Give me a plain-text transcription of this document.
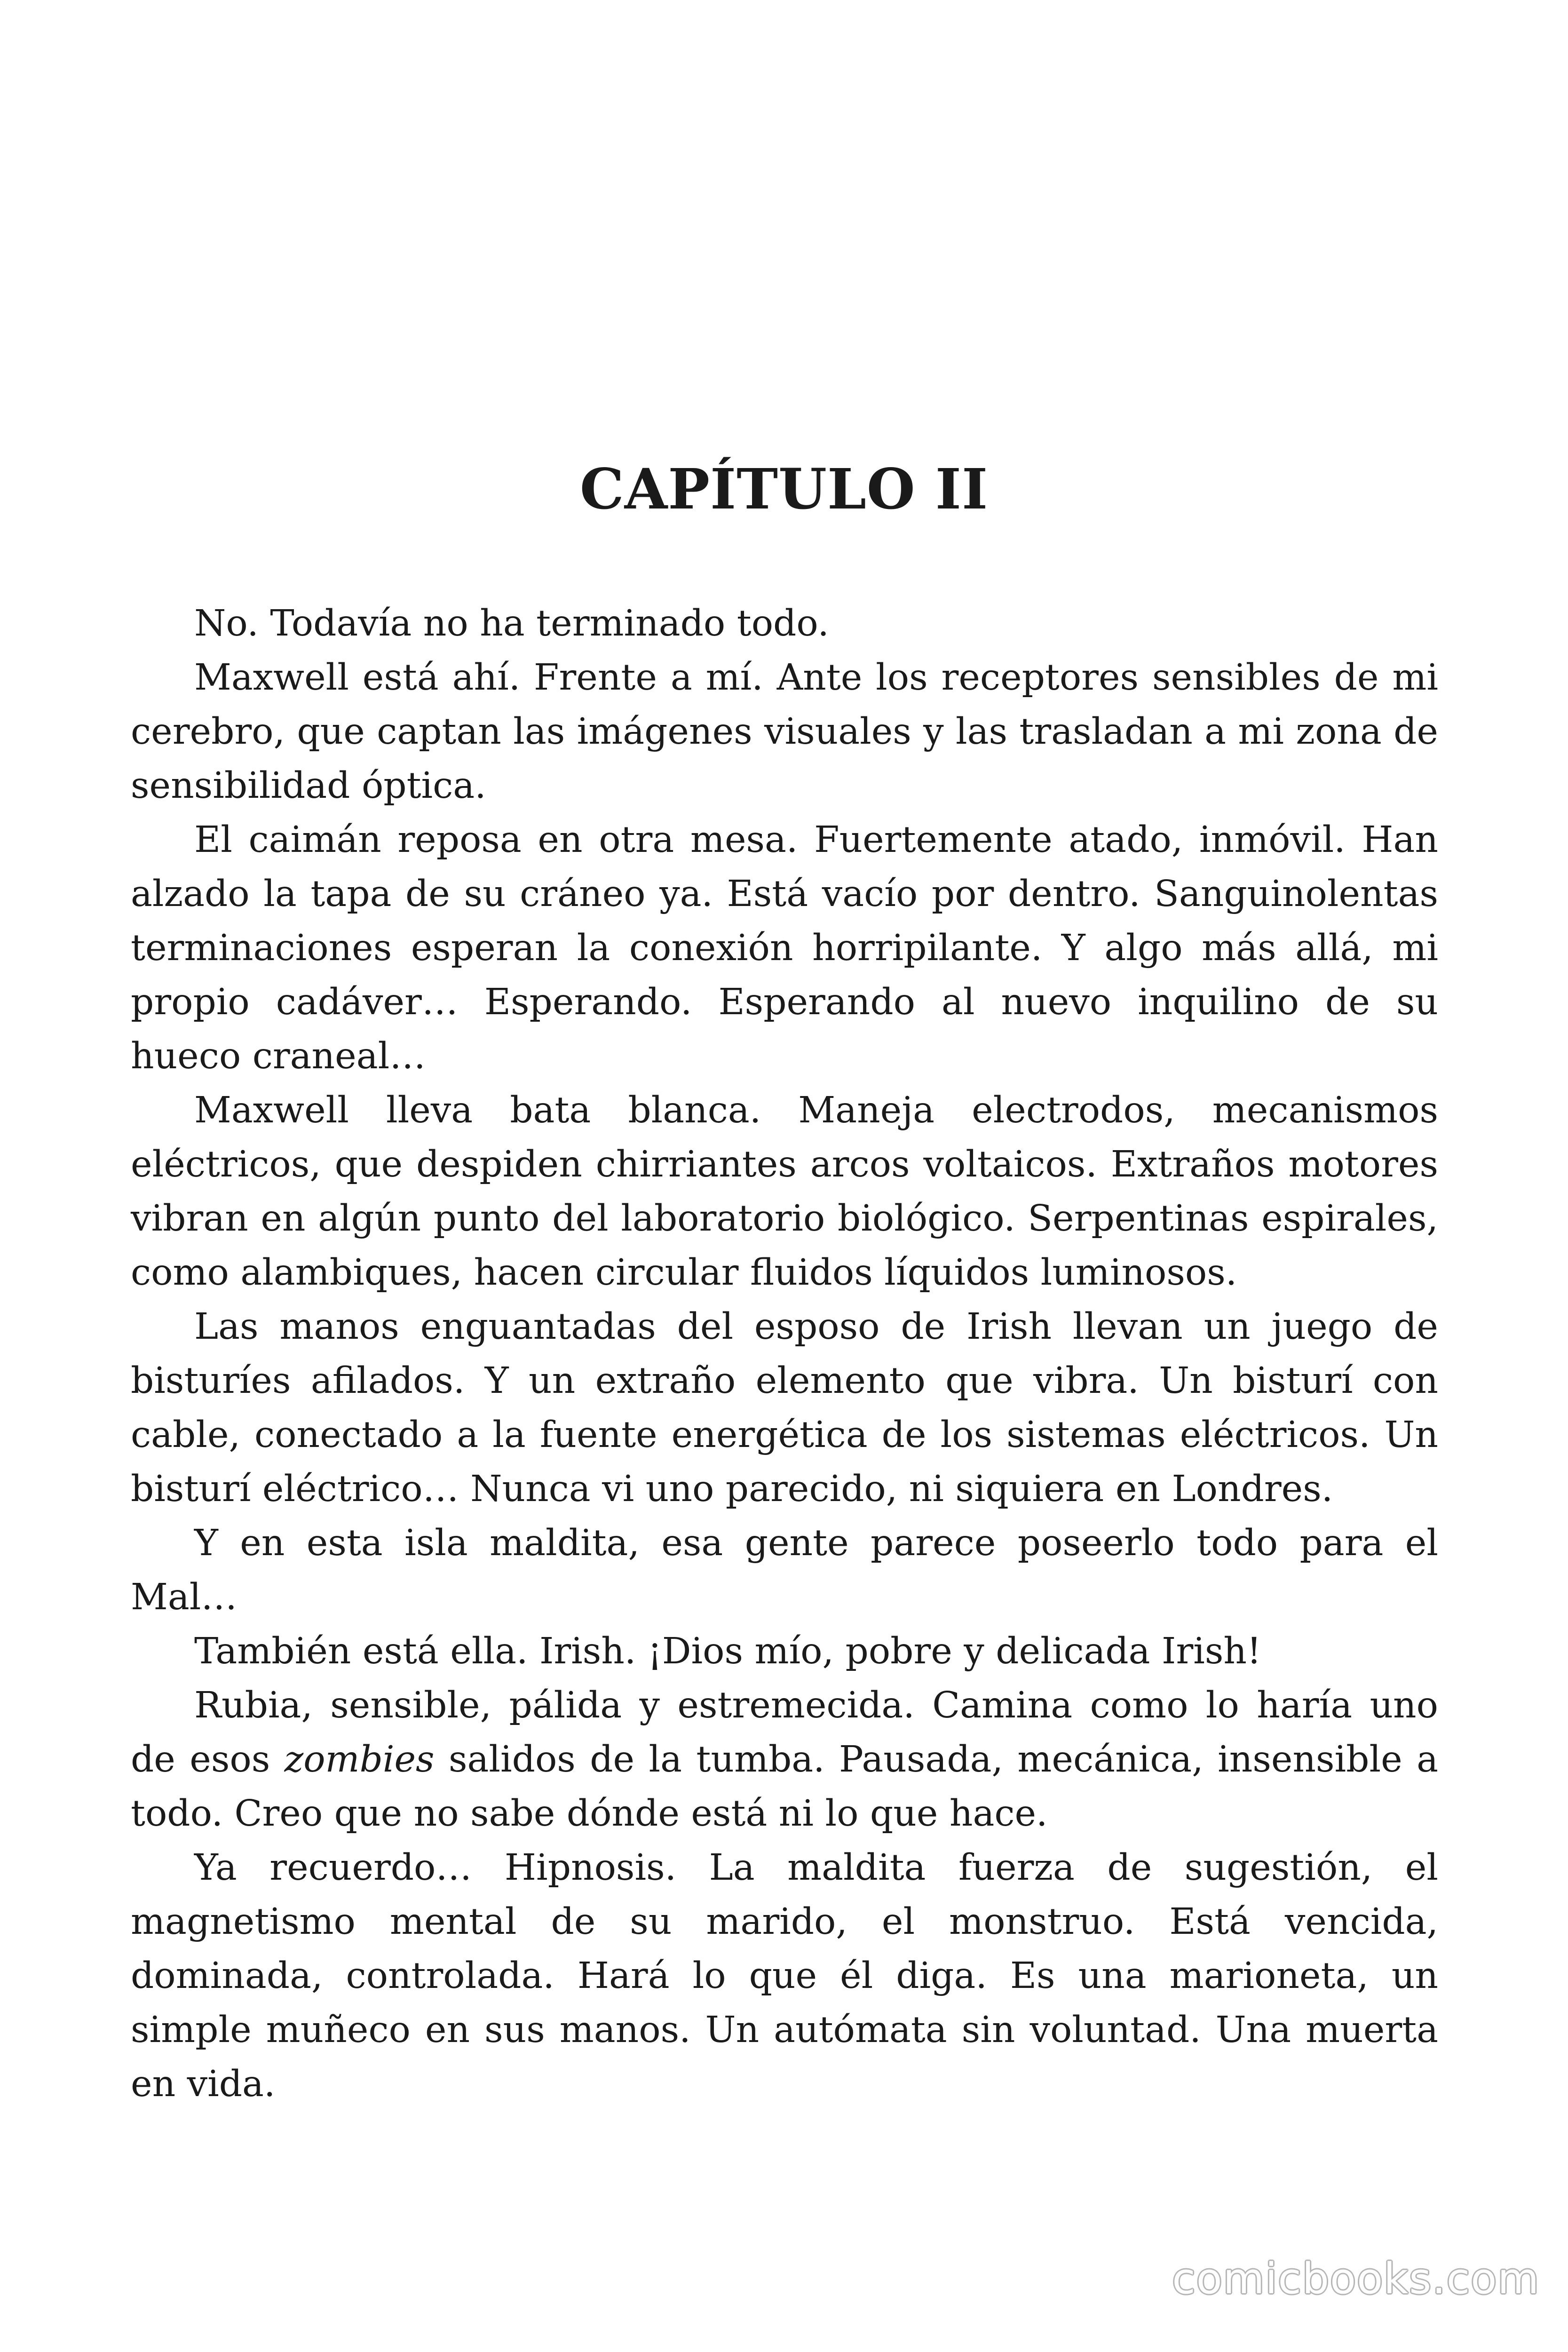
CAPÍTULO II

No. Todavía no ha terminado todo.

Maxwell está ahí. Frente a mí. Ante los receptores sensibles de mi cerebro, que captan las imágenes visuales y las trasladan a mi zona de sensibilidad óptica.

El caimán reposa en otra mesa. Fuertemente atado, inmóvil. Han alzado la tapa de su cráneo ya. Está vacío por dentro. Sanguinolentas terminaciones esperan la conexión horripilante. Y algo más allá, mi propio cadáver… Esperando. Esperando al nuevo inquilino de su hueco craneal…

Maxwell lleva bata blanca. Maneja electrodos, mecanismos eléctricos, que despiden chirriantes arcos voltaicos. Extraños motores vibran en algún punto del laboratorio biológico. Serpentinas espirales, como alambiques, hacen circular fluidos líquidos luminosos.

Las manos enguantadas del esposo de Irish llevan un juego de bisturíes afilados. Y un extraño elemento que vibra. Un bisturí con cable, conectado a la fuente energética de los sistemas eléctricos. Un bisturí eléctrico… Nunca vi uno parecido, ni siquiera en Londres.

Y en esta isla maldita, esa gente parece poseerlo todo para el Mal…

También está ella. Irish. ¡Dios mío, pobre y delicada Irish!

Rubia, sensible, pálida y estremecida. Camina como lo haría uno de esos zombies salidos de la tumba. Pausada, mecánica, insensible a todo. Creo que no sabe dónde está ni lo que hace.

Ya recuerdo… Hipnosis. La maldita fuerza de sugestión, el magnetismo mental de su marido, el monstruo. Está vencida, dominada, controlada. Hará lo que él diga. Es una marioneta, un simple muñeco en sus manos. Un autómata sin voluntad. Una muerta en vida.

comicbooks.com
